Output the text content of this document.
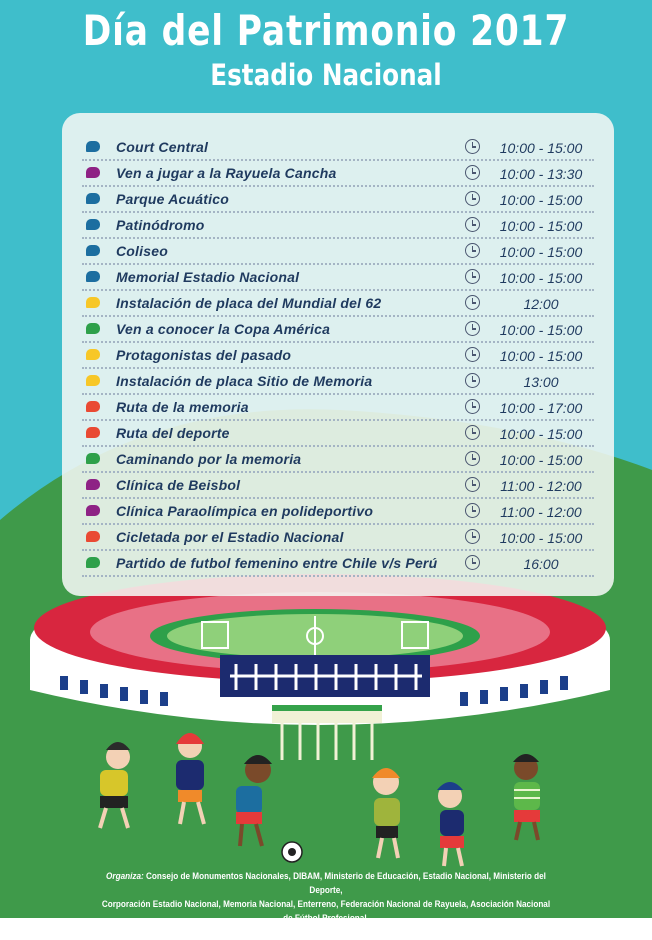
Día del Patrimonio 2017
Estadio Nacional
Court Central	10:00 - 15:00
Ven a jugar a la Rayuela Cancha	10:00 - 13:30
Parque Acuático	10:00 - 15:00
Patinódromo	10:00 - 15:00
Coliseo	10:00 - 15:00
Memorial Estadio Nacional	10:00 - 15:00
Instalación de placa del Mundial del 62	12:00
Ven a conocer la Copa América	10:00 - 15:00
Protagonistas del pasado	10:00 - 15:00
Instalación de placa Sitio de Memoria	13:00
Ruta de la memoria	10:00 - 17:00
Ruta del deporte	10:00 - 15:00
Caminando por la memoria	10:00 - 15:00
Clínica de Beisbol	11:00 - 12:00
Clínica Paraolímpica en polideportivo	11:00 - 12:00
Cicletada por el Estadio Nacional	10:00 - 15:00
Partido de futbol femenino entre Chile v/s Perú	16:00
Organiza: Consejo de Monumentos Nacionales, DIBAM, Ministerio de Educación, Estadio Nacional, Ministerio del Deporte,
Corporación Estadio Nacional, Memoria Nacional, Enterreno, Federación Nacional de Rayuela, Asociación Nacional de Fútbol Profesional,
Corporación de Fomento de Fútbol Femenino y Bicipaseos Patrimoniales.
